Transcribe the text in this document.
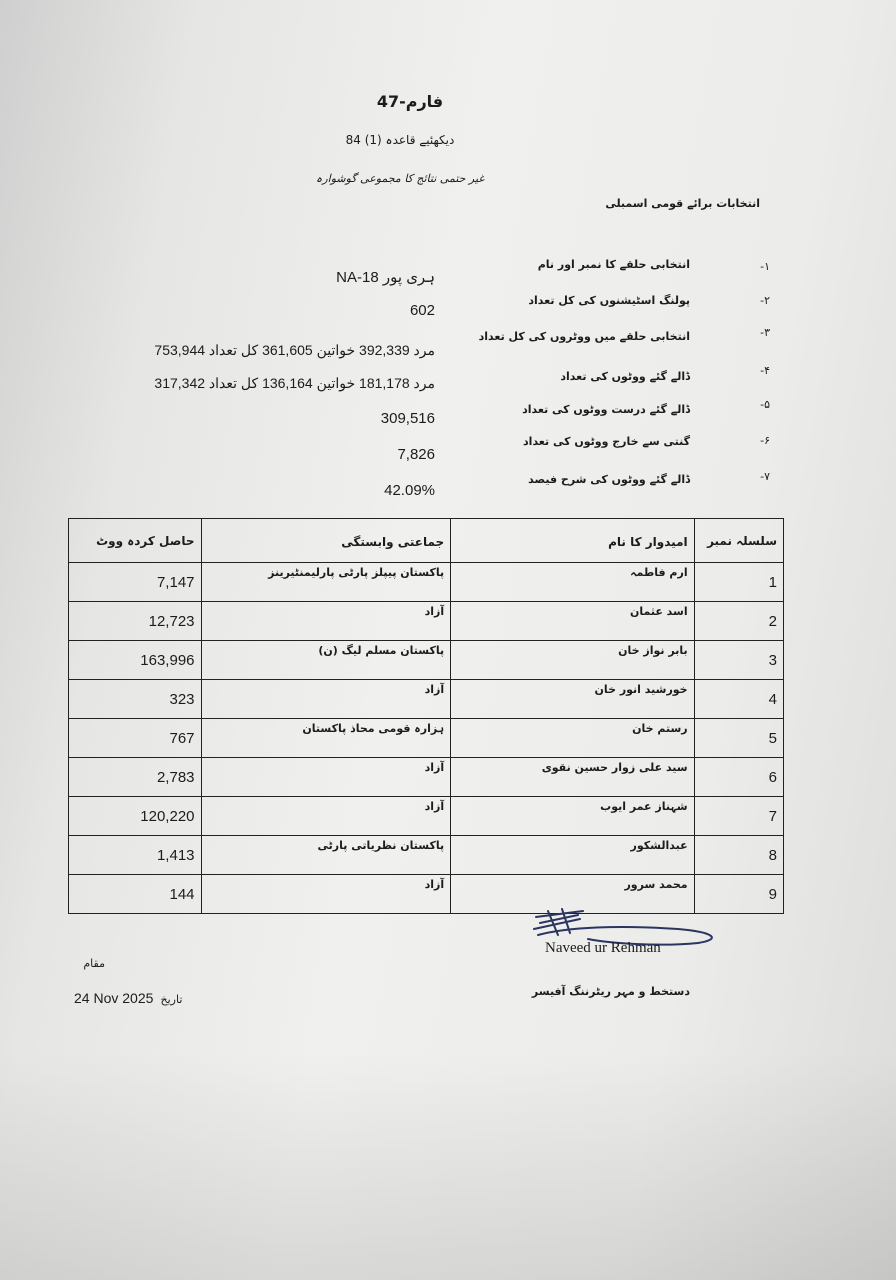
فارم-47
دیکھئیے قاعدہ (1) 84
غیر حتمی نتائج کا مجموعی گوشوارہ
انتخابات برائے قومی اسمبلی
-۱
انتخابی حلقے کا نمبر اور نام
ہری پور NA-18
-۲
پولنگ اسٹیشنوں کی کل تعداد
602
-۳
انتخابی حلقے میں ووٹروں کی کل تعداد
مرد 392,339 خواتین 361,605 کل تعداد 753,944
-۴
ڈالے گئے ووٹوں کی تعداد
مرد 181,178 خواتین 136,164 کل تعداد 317,342
-۵
ڈالے گئے درست ووٹوں کی تعداد
309,516
-۶
گنتی سے خارج ووٹوں کی تعداد
7,826
-۷
ڈالے گئے ووٹوں کی شرح فیصد
42.09%
حاصل کردہ ووٹ	جماعتی وابستگی	امیدوار کا نام	سلسلہ نمبر
7,147	پاکستان پیپلز پارٹی پارلیمنٹیرینز	ارم فاطمہ	1
12,723	آزاد	اسد عثمان	2
163,996	پاکستان مسلم لیگ (ن)	بابر نواز خان	3
323	آزاد	خورشید انور خان	4
767	ہزارہ قومی محاذ پاکستان	رستم خان	5
2,783	آزاد	سید علی زوار حسین نقوی	6
120,220	آزاد	شہناز عمر ایوب	7
1,413	پاکستان نظریاتی پارٹی	عبدالشکور	8
144	آزاد	محمد سرور	9
Naveed ur Rehman
دستخط و مہر ریٹرننگ آفیسر
مقام
24 Nov 2025 تاریخ
